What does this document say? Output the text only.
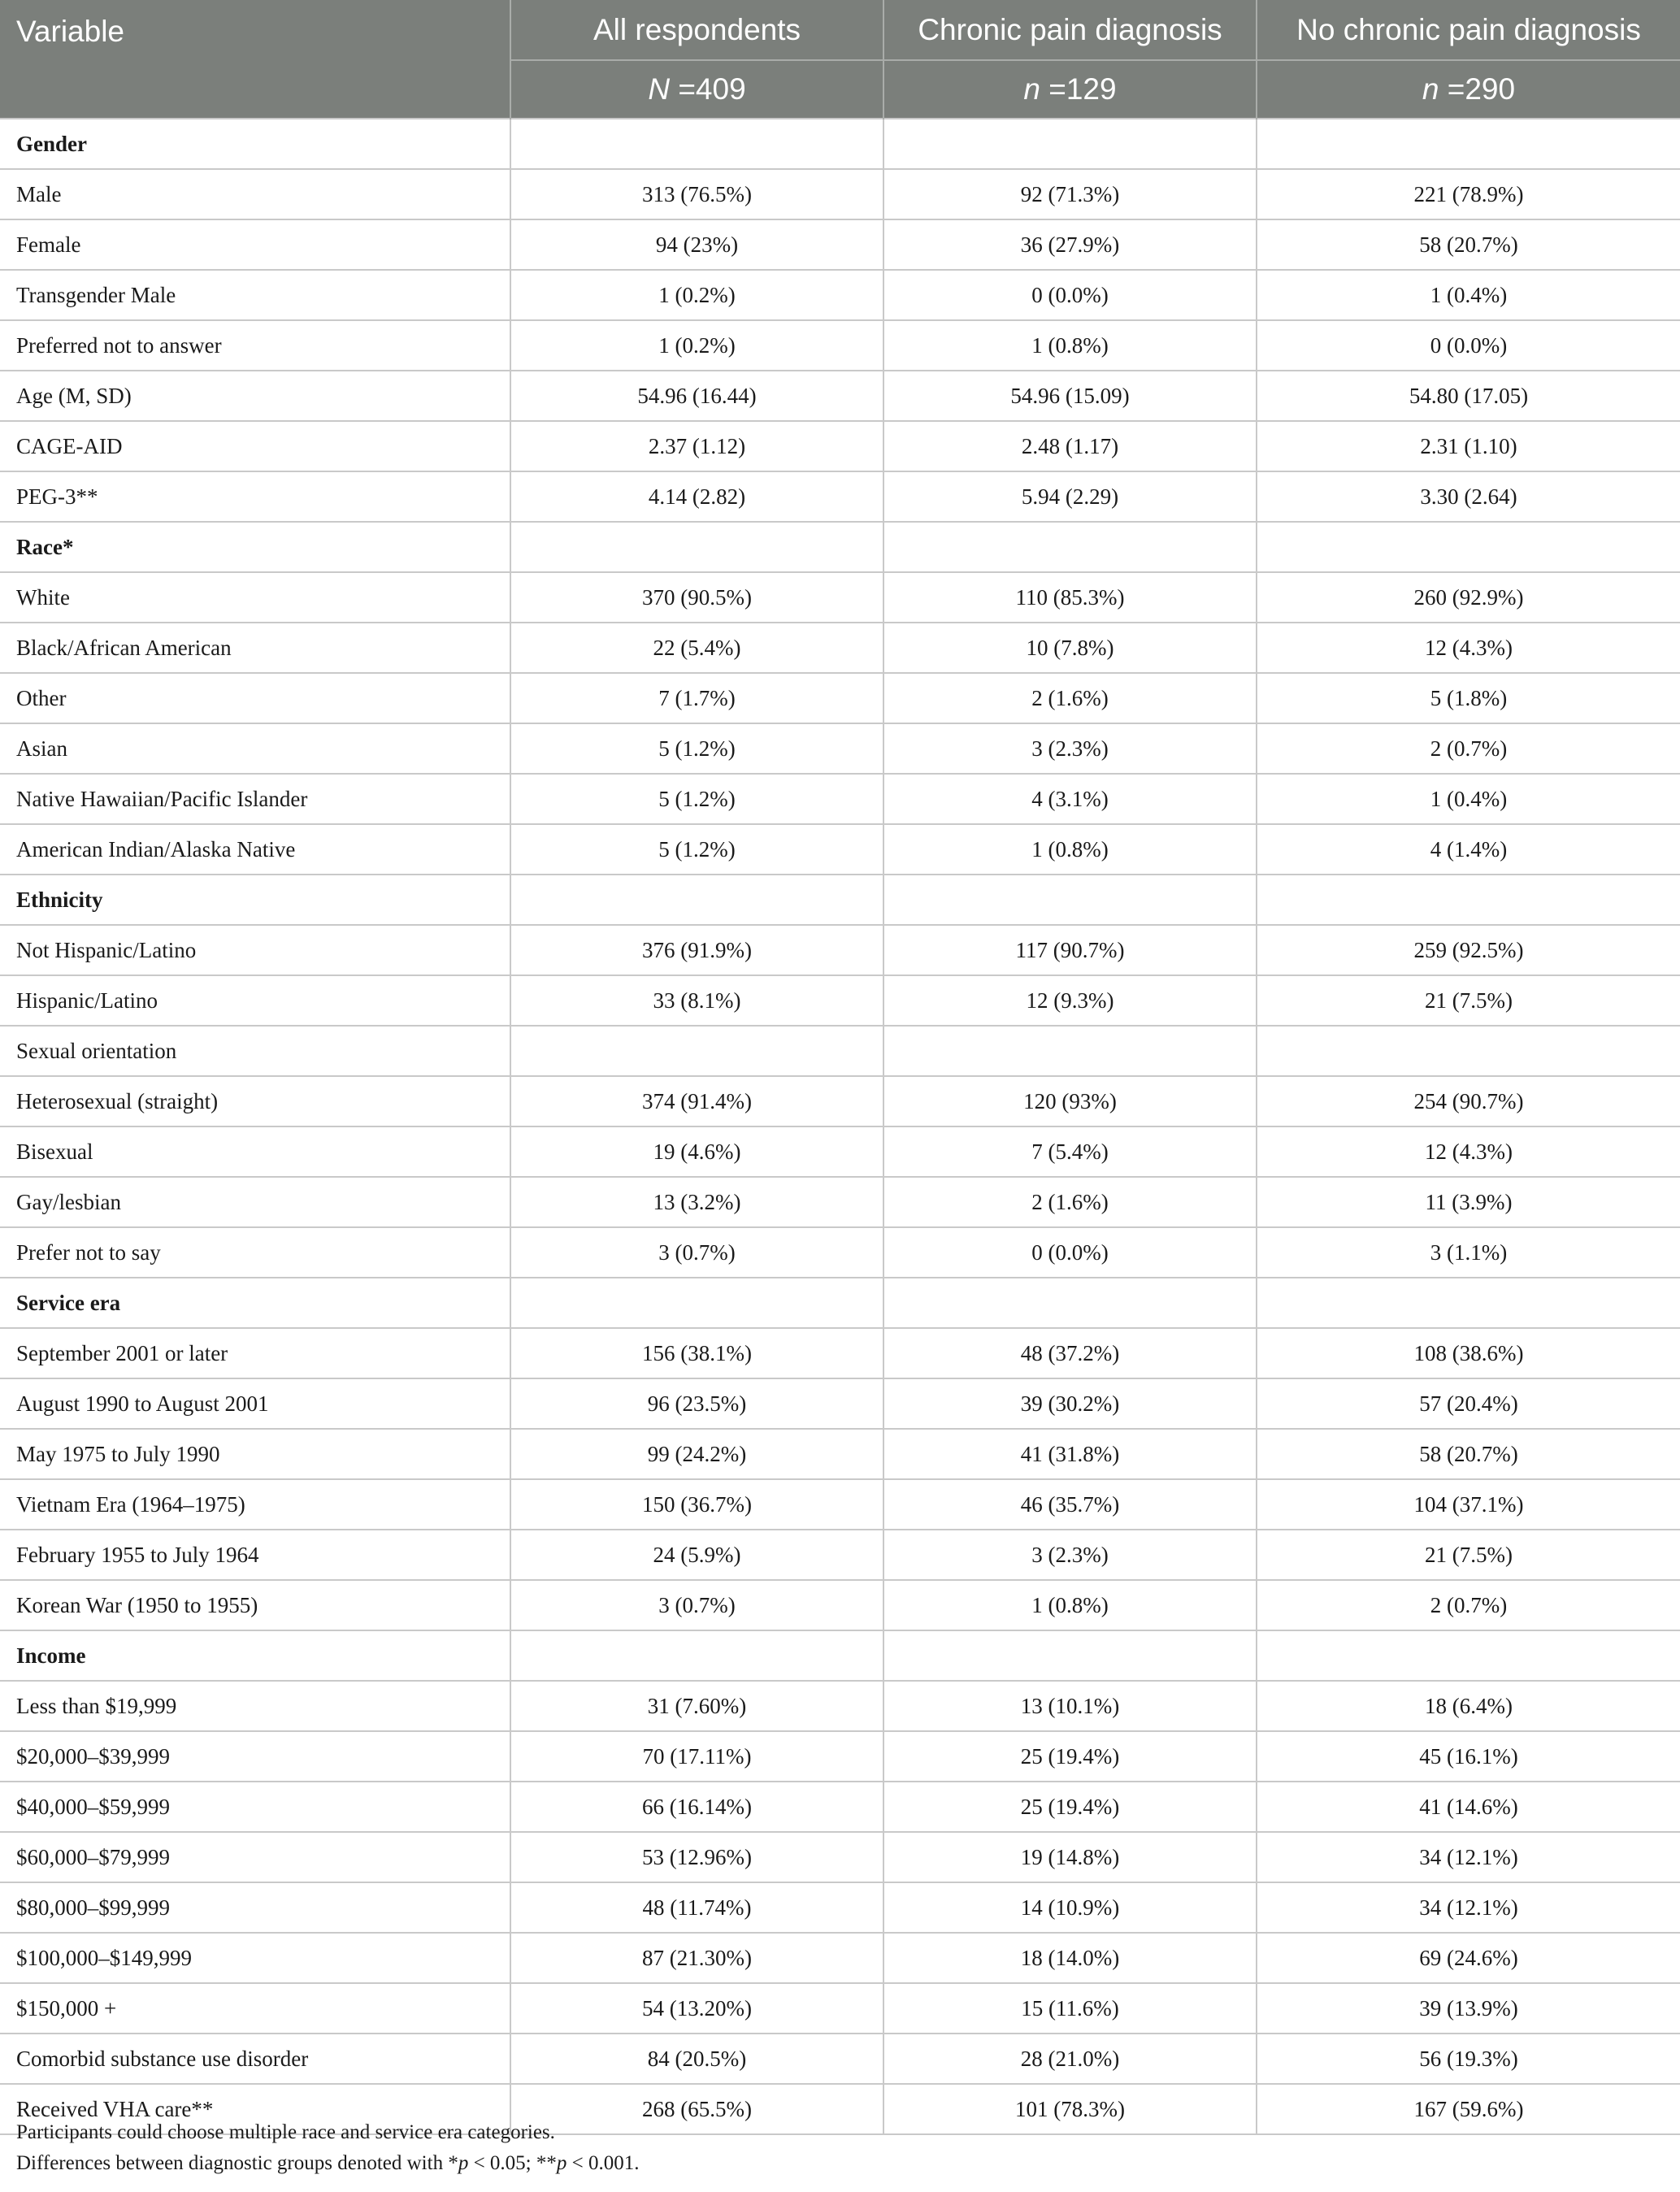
Variable	All respondents	Chronic pain diagnosis	No chronic pain diagnosis
	N =409	n =129	n =290
Gender			
Male	313 (76.5%)	92 (71.3%)	221 (78.9%)
Female	94 (23%)	36 (27.9%)	58 (20.7%)
Transgender Male	1 (0.2%)	0 (0.0%)	1 (0.4%)
Preferred not to answer	1 (0.2%)	1 (0.8%)	0 (0.0%)
Age (M, SD)	54.96 (16.44)	54.96 (15.09)	54.80 (17.05)
CAGE-AID	2.37 (1.12)	2.48 (1.17)	2.31 (1.10)
PEG-3**	4.14 (2.82)	5.94 (2.29)	3.30 (2.64)
Race*			
White	370 (90.5%)	110 (85.3%)	260 (92.9%)
Black/African American	22 (5.4%)	10 (7.8%)	12 (4.3%)
Other	7 (1.7%)	2 (1.6%)	5 (1.8%)
Asian	5 (1.2%)	3 (2.3%)	2 (0.7%)
Native Hawaiian/Pacific Islander	5 (1.2%)	4 (3.1%)	1 (0.4%)
American Indian/Alaska Native	5 (1.2%)	1 (0.8%)	4 (1.4%)
Ethnicity			
Not Hispanic/Latino	376 (91.9%)	117 (90.7%)	259 (92.5%)
Hispanic/Latino	33 (8.1%)	12 (9.3%)	21 (7.5%)
Sexual orientation			
Heterosexual (straight)	374 (91.4%)	120 (93%)	254 (90.7%)
Bisexual	19 (4.6%)	7 (5.4%)	12 (4.3%)
Gay/lesbian	13 (3.2%)	2 (1.6%)	11 (3.9%)
Prefer not to say	3 (0.7%)	0 (0.0%)	3 (1.1%)
Service era			
September 2001 or later	156 (38.1%)	48 (37.2%)	108 (38.6%)
August 1990 to August 2001	96 (23.5%)	39 (30.2%)	57 (20.4%)
May 1975 to July 1990	99 (24.2%)	41 (31.8%)	58 (20.7%)
Vietnam Era (1964–1975)	150 (36.7%)	46 (35.7%)	104 (37.1%)
February 1955 to July 1964	24 (5.9%)	3 (2.3%)	21 (7.5%)
Korean War (1950 to 1955)	3 (0.7%)	1 (0.8%)	2 (0.7%)
Income			
Less than $19,999	31 (7.60%)	13 (10.1%)	18 (6.4%)
$20,000–$39,999	70 (17.11%)	25 (19.4%)	45 (16.1%)
$40,000–$59,999	66 (16.14%)	25 (19.4%)	41 (14.6%)
$60,000–$79,999	53 (12.96%)	19 (14.8%)	34 (12.1%)
$80,000–$99,999	48 (11.74%)	14 (10.9%)	34 (12.1%)
$100,000–$149,999	87 (21.30%)	18 (14.0%)	69 (24.6%)
$150,000 +	54 (13.20%)	15 (11.6%)	39 (13.9%)
Comorbid substance use disorder	84 (20.5%)	28 (21.0%)	56 (19.3%)
Received VHA care**	268 (65.5%)	101 (78.3%)	167 (59.6%)
Participants could choose multiple race and service era categories.
Differences between diagnostic groups denoted with *p < 0.05; **p < 0.001.
